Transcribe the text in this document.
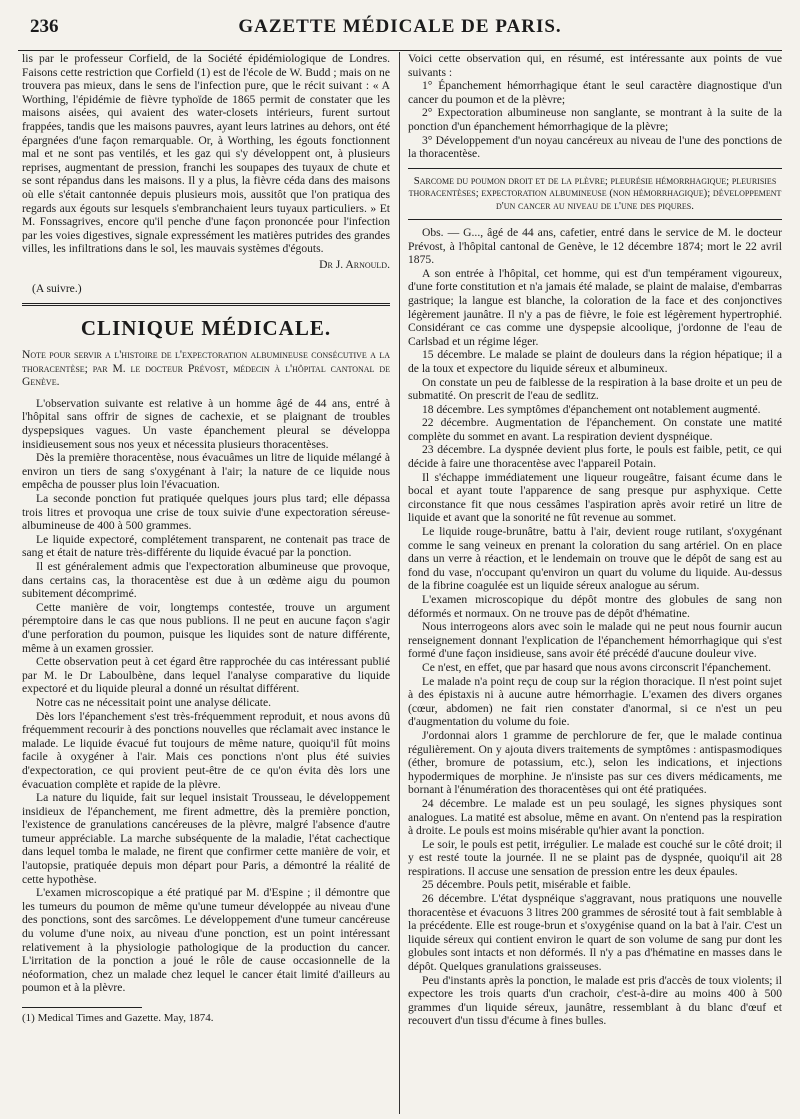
236	GAZETTE MÉDICALE DE PARIS.

lis par le professeur Corfield, de la Société épidémiologique de Londres. Faisons cette restriction que Corfield (1) est de l'école de W. Budd ; mais on ne trouvera pas mieux, dans le sens de l'infection pure, que le récit suivant : « A Worthing, l'épidémie de fièvre typhoïde de 1865 permit de constater que les maisons aisées, qui avaient des water-closets intérieurs, furent surtout frappées, tandis que les maisons pauvres, ayant leurs latrines au dehors, ont été épargnées d'une façon remarquable. Or, à Worthing, les égouts fonctionnent mal et ne sont pas ventilés, et les gaz qui s'y développent ont, à plusieurs reprises, augmentant de pression, franchi les soupapes des tuyaux de chute et se sont répandus dans les maisons. Il y a plus, la fièvre céda dans des maisons où elle s'était cantonnée depuis plusieurs mois, aussitôt que l'on pratiqua des regards aux égouts sur lesquels s'embranchaient leurs tuyaux particuliers. » Et M. Fonssagrives, encore qu'il penche d'une façon prononcée pour l'infection par les voies digestives, signale expressément les matières putrides des grandes villes, les infiltrations dans le sol, les mauvais systèmes d'égouts.

Dr J. Arnould.
(A suivre.)
CLINIQUE MÉDICALE.

Note pour servir a l'histoire de l'expectoration albumineuse consécutive a la thoracentèse; par M. le docteur Prévost, médecin à l'hôpital cantonal de Genève.

L'observation suivante est relative à un homme âgé de 44 ans, entré à l'hôpital sans offrir de signes de cachexie, et se plaignant de troubles dyspepsiques vagues. Un vaste épanchement pleural se développa insidieusement sous nos yeux et nécessita plusieurs thoracentèses.

Dès la première thoracentèse, nous évacuâmes un litre de liquide mélangé à environ un tiers de sang s'oxygénant à l'air; la nature de ce liquide nous empêcha de pousser plus loin l'évacuation.

La seconde ponction fut pratiquée quelques jours plus tard; elle dépassa trois litres et provoqua une crise de toux suivie d'une expectoration séreuse-albumineuse de 400 à 500 grammes.

Le liquide expectoré, complétement transparent, ne contenait pas trace de sang et était de nature très-différente du liquide évacué par la ponction.

Il est généralement admis que l'expectoration albumineuse que provoque, dans certains cas, la thoracentèse est due à un œdème aigu du poumon subitement décomprimé.

Cette manière de voir, longtemps contestée, trouve un argument péremptoire dans le cas que nous publions. Il ne peut en aucune façon s'agir d'une perforation du poumon, puisque les liquides sont de nature différente, même à un examen grossier.

Cette observation peut à cet égard être rapprochée du cas intéressant publié par M. le Dr Laboulbène, dans lequel l'analyse comparative du liquide expectoré et du liquide pleural a donné un résultat différent.

Notre cas ne nécessitait point une analyse délicate.

Dès lors l'épanchement s'est très-fréquemment reproduit, et nous avons dû fréquemment recourir à des ponctions nouvelles que réclamait avec instance le malade. Le liquide évacué fut toujours de même nature, quoiqu'il fût moins facile à oxygéner à l'air. Mais ces ponctions n'ont plus été suivies d'expectoration, ce qui provient peut-être de ce qu'on évita dès lors une évacuation complète et rapide de la plèvre.

La nature du liquide, fait sur lequel insistait Trousseau, le développement insidieux de l'épanchement, me firent admettre, dès la première ponction, l'existence de granulations cancéreuses de la plèvre, malgré l'absence d'autre tumeur appréciable. La marche subséquente de la maladie, l'état cachectique dans lequel tomba le malade, ne firent que confirmer cette manière de voir, et l'autopsie, pratiquée depuis mon départ pour Paris, a démontré la réalité de cette hypothèse.

L'examen microscopique a été pratiqué par M. d'Espine ; il démontre que les tumeurs du poumon de même qu'une tumeur développée au niveau d'une des ponctions, sont des sarcômes. Le développement d'une tumeur cancéreuse du volume d'une noix, au niveau d'une ponction, est un point intéressant relativement à la physiologie pathologique de la production du cancer. L'irritation de la ponction a joué le rôle de cause occasionnelle de la néoformation, chez un malade chez lequel le cancer était limité d'ailleurs au poumon et à la plèvre.

(1) Medical Times and Gazette. May, 1874.

Voici cette observation qui, en résumé, est intéressante aux points de vue suivants :

1° Épanchement hémorrhagique étant le seul caractère diagnostique d'un cancer du poumon et de la plèvre;

2° Expectoration albumineuse non sanglante, se montrant à la suite de la ponction d'un épanchement hémorrhagique de la plèvre;

3° Développement d'un noyau cancéreux au niveau de l'une des ponctions de la thoracentèse.

Sarcome du poumon droit et de la plèvre; pleurésie hémorrhagique; pleurisies thoracentèses; expectoration albumineuse (non hémorrhagique); développement d'un cancer au niveau de l'une des piqures.

Obs. — G..., âgé de 44 ans, cafetier, entré dans le service de M. le docteur Prévost, à l'hôpital cantonal de Genève, le 12 décembre 1874; mort le 22 avril 1875.

A son entrée à l'hôpital, cet homme, qui est d'un tempérament vigoureux, d'une forte constitution et n'a jamais été malade, se plaint de malaise, d'embarras gastrique; la langue est blanche, la coloration de la face et des conjonctives légèrement jaunâtre. Il n'y a pas de fièvre, le foie est légèrement hypertrophié. Considérant ce cas comme une dyspepsie alcoolique, j'ordonne de l'eau de Carlsbad et un régime léger.

15 décembre. Le malade se plaint de douleurs dans la région hépatique; il a de la toux et expectore du liquide séreux et albumineux.

On constate un peu de faiblesse de la respiration à la base droite et un peu de submatité. On prescrit de l'eau de sedlitz.

18 décembre. Les symptômes d'épanchement ont notablement augmenté.

22 décembre. Augmentation de l'épanchement. On constate une matité complète du sommet en avant. La respiration devient dyspnéique.

23 décembre. La dyspnée devient plus forte, le pouls est faible, petit, ce qui décide à faire une thoracentèse avec l'appareil Potain.

Il s'échappe immédiatement une liqueur rougeâtre, faisant écume dans le bocal et ayant toute l'apparence de sang presque pur asphyxique. Cette circonstance fit que nous cessâmes l'aspiration après avoir retiré un litre de liquide et avant que la sonorité ne fût revenue au sommet.

Le liquide rouge-brunâtre, battu à l'air, devient rouge rutilant, s'oxygénant comme le sang veineux en prenant la coloration du sang artériel. On en place dans un verre à réaction, et le lendemain on trouve que le dépôt de sang est au fond du vase, n'occupant qu'environ un quart du volume du liquide. Au-dessus de la fibrine coagulée est un liquide séreux analogue au sérum.

L'examen microscopique du dépôt montre des globules de sang non déformés et normaux. On ne trouve pas de dépôt d'hématine.

Nous interrogeons alors avec soin le malade qui ne peut nous fournir aucun renseignement donnant l'explication de l'épanchement hémorrhagique qui s'est formé d'une façon insidieuse, sans avoir été précédé d'aucune douleur vive.

Ce n'est, en effet, que par hasard que nous avons circonscrit l'épanchement.

Le malade n'a point reçu de coup sur la région thoracique. Il n'est point sujet à des épistaxis ni à aucune autre hémorrhagie. L'examen des divers organes (cœur, abdomen) ne fait rien constater d'anormal, si ce n'est un peu d'augmentation du volume du foie.

J'ordonnai alors 1 gramme de perchlorure de fer, que le malade continua régulièrement. On y ajouta divers traitements de symptômes : antispasmodiques (éther, bromure de potassium, etc.), selon les indications, et injections hypodermiques de morphine. Je n'insiste pas sur ces divers médicaments, me bornant à l'énumération des thoracentèses qui ont été pratiquées.

24 décembre. Le malade est un peu soulagé, les signes physiques sont analogues. La matité est absolue, même en avant. On n'entend pas la respiration à droite. Le pouls est moins misérable qu'hier avant la ponction.

Le soir, le pouls est petit, irrégulier. Le malade est couché sur le côté droit; il y est resté toute la journée. Il ne se plaint pas de dyspnée, quoiqu'il ait 28 respirations. Il accuse une sensation de pression entre les deux épaules.

25 décembre. Pouls petit, misérable et faible.

26 décembre. L'état dyspnéique s'aggravant, nous pratiquons une nouvelle thoracentèse et évacuons 3 litres 200 grammes de sérosité tout à fait semblable à la précédente. Elle est rouge-brun et s'oxygénise quand on la bat à l'air. C'est un liquide séreux qui contient environ le quart de son volume de sang pur dont les globules sont intacts et non déformés. Il n'y a pas d'hématine en masses dans le dépôt. Quelques granulations graisseuses.

Peu d'instants après la ponction, le malade est pris d'accès de toux violents; il expectore les trois quarts d'un crachoir, c'est-à-dire au moins 400 à 500 grammes d'un liquide séreux, jaunâtre, ressemblant à du blanc d'œuf et recouvert d'un tissu d'écume à fines bulles.
